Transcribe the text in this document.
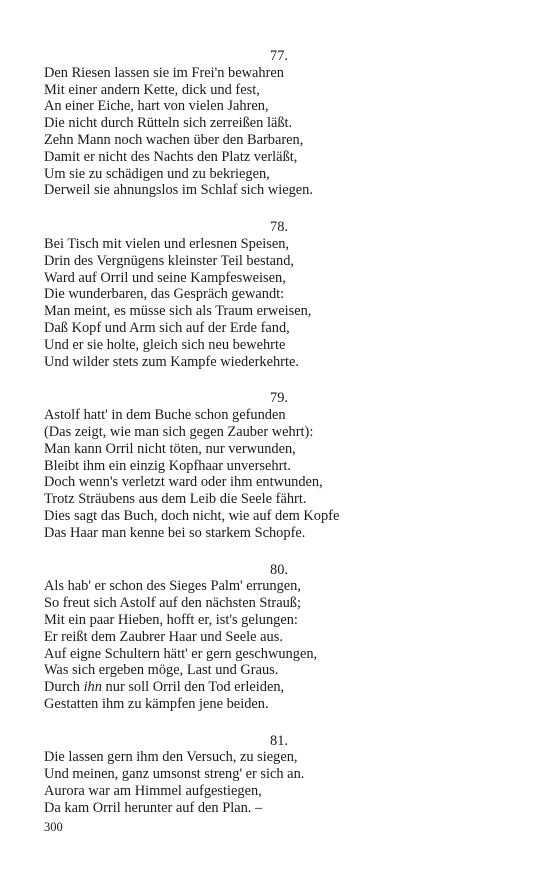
77.
Den Riesen lassen sie im Frei'n bewahren
Mit einer andern Kette, dick und fest,
An einer Eiche, hart von vielen Jahren,
Die nicht durch Rütteln sich zerreißen läßt.
Zehn Mann noch wachen über den Barbaren,
Damit er nicht des Nachts den Platz verläßt,
Um sie zu schädigen und zu bekriegen,
Derweil sie ahnungslos im Schlaf sich wiegen.
78.
Bei Tisch mit vielen und erlesnen Speisen,
Drin des Vergnügens kleinster Teil bestand,
Ward auf Orril und seine Kampfesweisen,
Die wunderbaren, das Gespräch gewandt:
Man meint, es müsse sich als Traum erweisen,
Daß Kopf und Arm sich auf der Erde fand,
Und er sie holte, gleich sich neu bewehrte
Und wilder stets zum Kampfe wiederkehrte.
79.
Astolf hatt' in dem Buche schon gefunden
(Das zeigt, wie man sich gegen Zauber wehrt):
Man kann Orril nicht töten, nur verwunden,
Bleibt ihm ein einzig Kopfhaar unversehrt.
Doch wenn's verletzt ward oder ihm entwunden,
Trotz Sträubens aus dem Leib die Seele fährt.
Dies sagt das Buch, doch nicht, wie auf dem Kopfe
Das Haar man kenne bei so starkem Schopfe.
80.
Als hab' er schon des Sieges Palm' errungen,
So freut sich Astolf auf den nächsten Strauß;
Mit ein paar Hieben, hofft er, ist's gelungen:
Er reißt dem Zaubrer Haar und Seele aus.
Auf eigne Schultern hätt' er gern geschwungen,
Was sich ergeben möge, Last und Graus.
Durch ihn nur soll Orril den Tod erleiden,
Gestatten ihm zu kämpfen jene beiden.
81.
Die lassen gern ihm den Versuch, zu siegen,
Und meinen, ganz umsonst streng' er sich an.
Aurora war am Himmel aufgestiegen,
Da kam Orril herunter auf den Plan. –
300
